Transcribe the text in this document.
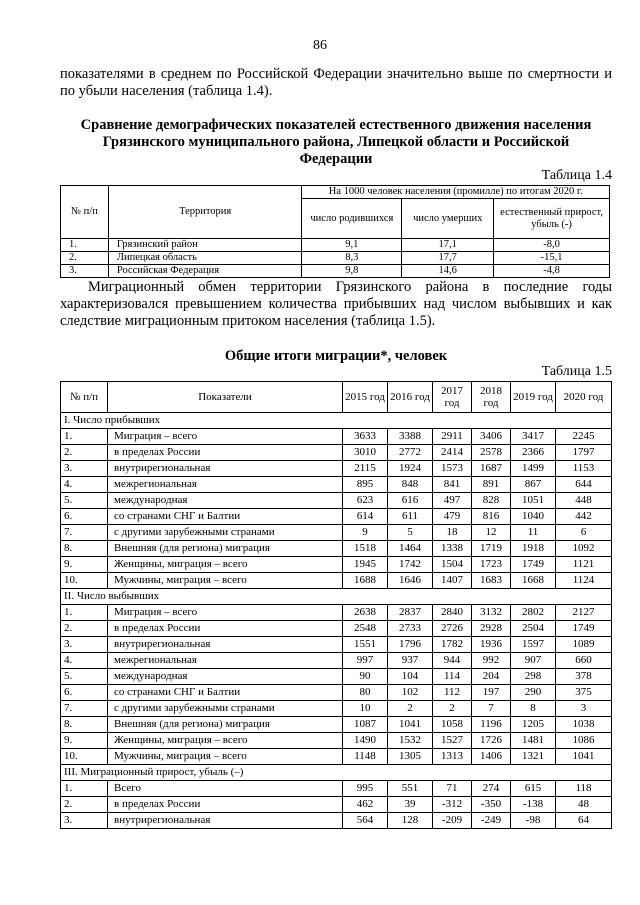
86

показателями в среднем по Российской Федерации значительно выше по смертности и по убыли населения (таблица 1.4).

Сравнение демографических показателей естественного движения населения
Грязинского муниципального района, Липецкой области и Российской
Федерации

Таблица 1.4
№ п/п	Территория	На 1000 человек населения (промилле) по итогам 2020 г.		
		число родившихся	число умерших	естественный прирост, убыль (-)
1.	Грязинский район	9,1	17,1	-8,0
2.	Липецкая область	8,3	17,7	-15,1
3.	Российская Федерация	9,8	14,6	-4,8

Миграционный обмен территории Грязинского района в последние годы характеризовался превышением количества прибывших над числом выбывших и как следствие миграционным притоком населения (таблица 1.5).

Общие итоги миграции*, человек

Таблица 1.5
№ п/п	Показатели	2015 год	2016 год	2017 год	2018 год	2019 год	2020 год
I. Число прибывших							
1.	Миграция – всего	3633	3388	2911	3406	3417	2245
2.	в пределах России	3010	2772	2414	2578	2366	1797
3.	внутрирегиональная	2115	1924	1573	1687	1499	1153
4.	межрегиональная	895	848	841	891	867	644
5.	международная	623	616	497	828	1051	448
6.	со странами СНГ и Балтии	614	611	479	816	1040	442
7.	с другими зарубежными странами	9	5	18	12	11	6
8.	Внешняя (для региона) миграция	1518	1464	1338	1719	1918	1092
9.	Женщины, миграция – всего	1945	1742	1504	1723	1749	1121
10.	Мужчины, миграция – всего	1688	1646	1407	1683	1668	1124
II. Число выбывших							
1.	Миграция – всего	2638	2837	2840	3132	2802	2127
2.	в пределах России	2548	2733	2726	2928	2504	1749
3.	внутрирегиональная	1551	1796	1782	1936	1597	1089
4.	межрегиональная	997	937	944	992	907	660
5.	международная	90	104	114	204	298	378
6.	со странами СНГ и Балтии	80	102	112	197	290	375
7.	с другими зарубежными странами	10	2	2	7	8	3
8.	Внешняя (для региона) миграция	1087	1041	1058	1196	1205	1038
9.	Женщины, миграция – всего	1490	1532	1527	1726	1481	1086
10.	Мужчины, миграция – всего	1148	1305	1313	1406	1321	1041
III. Миграционный прирост, убыль (–)							
1.	Всего	995	551	71	274	615	118
2.	в пределах России	462	39	-312	-350	-138	48
3.	внутрирегиональная	564	128	-209	-249	-98	64
